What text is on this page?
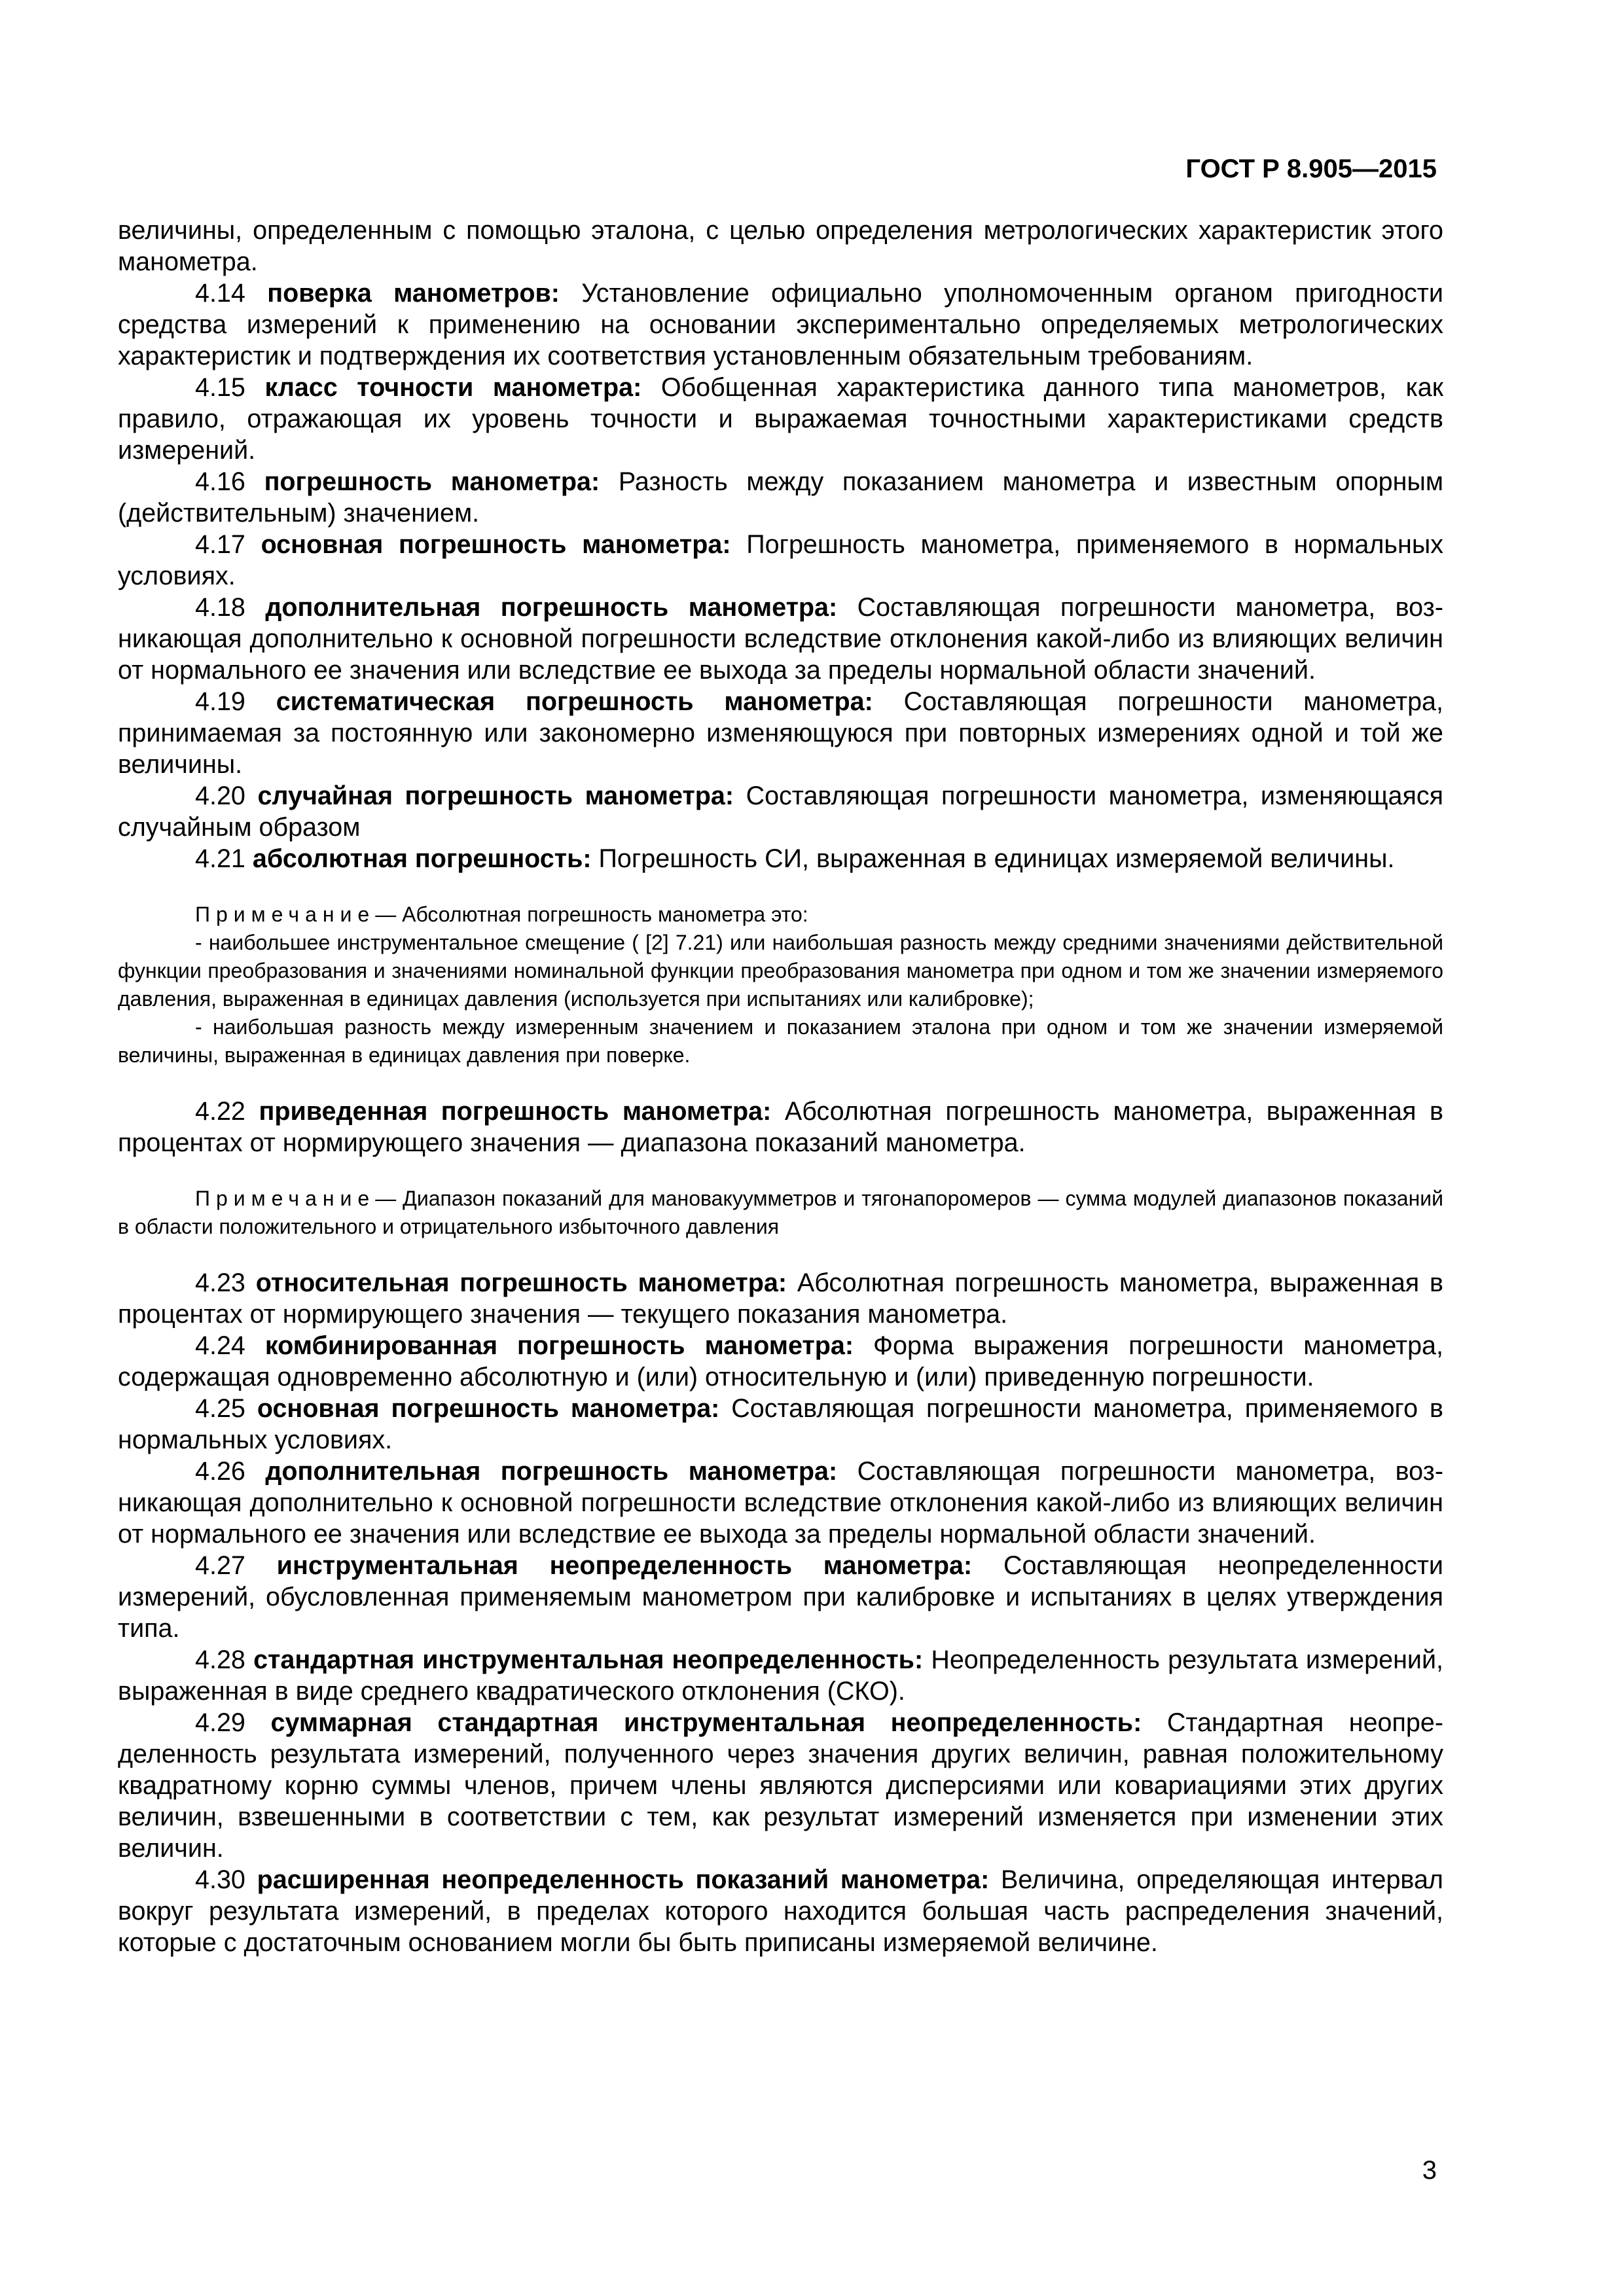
ГОСТ Р 8.905—2015

величины, определенным с помощью эталона, с целью определения метрологических характеристик этого манометра.

4.14 поверка манометров: Установление официально уполномоченным органом пригодности средства измерений к применению на основании экспериментально определяемых метрологических характеристик и подтверждения их соответствия установленным обязательным требованиям.

4.15 класс точности манометра: Обобщенная характеристика данного типа манометров, как правило, отражающая их уровень точности и выражаемая точностными характеристиками средств измерений.

4.16 погрешность манометра: Разность между показанием манометра и известным опорным (действительным) значением.

4.17 основная погрешность манометра: Погрешность манометра, применяемого в нормальных условиях.

4.18 дополнительная погрешность манометра: Составляющая погрешности манометра, возникающая дополнительно к основной погрешности вследствие отклонения какой-либо из влияющих величин от нормального ее значения или вследствие ее выхода за пределы нормальной области значений.

4.19 систематическая погрешность манометра: Составляющая погрешности манометра, принимаемая за постоянную или закономерно изменяющуюся при повторных измерениях одной и той же величины.

4.20 случайная погрешность манометра: Составляющая погрешности манометра, изменяющаяся случайным образом

4.21 абсолютная погрешность: Погрешность СИ, выраженная в единицах измеряемой величины.

Примечание— Абсолютная погрешность манометра это:

- наибольшее инструментальное смещение ( [2] 7.21) или наибольшая разность между средними значениями действительной функции преобразования и значениями номинальной функции преобразования манометра при одном и том же значении измеряемого давления, выраженная в единицах давления (используется при испытаниях или калибровке);

- наибольшая разность между измеренным значением и показанием эталона при одном и том же значении измеряемой величины, выраженная в единицах давления при поверке.

4.22 приведенная погрешность манометра: Абсолютная погрешность манометра, выраженная в процентах от нормирующего значения — диапазона показаний манометра.

Примечание— Диапазон показаний для мановакуумметров и тягонапоромеров — сумма модулей диапазонов показаний в области положительного и отрицательного избыточного давления

4.23 относительная погрешность манометра: Абсолютная погрешность манометра, выраженная в процентах от нормирующего значения — текущего показания манометра.

4.24 комбинированная погрешность манометра: Форма выражения погрешности манометра, содержащая одновременно абсолютную и (или) относительную и (или) приведенную погрешности.

4.25 основная погрешность манометра: Составляющая погрешности манометра, применяемого в нормальных условиях.

4.26 дополнительная погрешность манометра: Составляющая погрешности манометра, возникающая дополнительно к основной погрешности вследствие отклонения какой-либо из влияющих величин от нормального ее значения или вследствие ее выхода за пределы нормальной области значений.

4.27 инструментальная неопределенность манометра: Составляющая неопределенности измерений, обусловленная применяемым манометром при калибровке и испытаниях в целях утверждения типа.

4.28 стандартная инструментальная неопределенность: Неопределенность результата измерений, выраженная в виде среднего квадратического отклонения (СКО).

4.29 суммарная стандартная инструментальная неопределенность: Стандартная неопределенность результата измерений, полученного через значения других величин, равная положительному квадратному корню суммы членов, причем члены являются дисперсиями или ковариациями этих других величин, взвешенными в соответствии с тем, как результат измерений изменяется при изменении этих величин.

4.30 расширенная неопределенность показаний манометра: Величина, определяющая интервал вокруг результата измерений, в пределах которого находится большая часть распределения значений, которые с достаточным основанием могли бы быть приписаны измеряемой величине.

3
